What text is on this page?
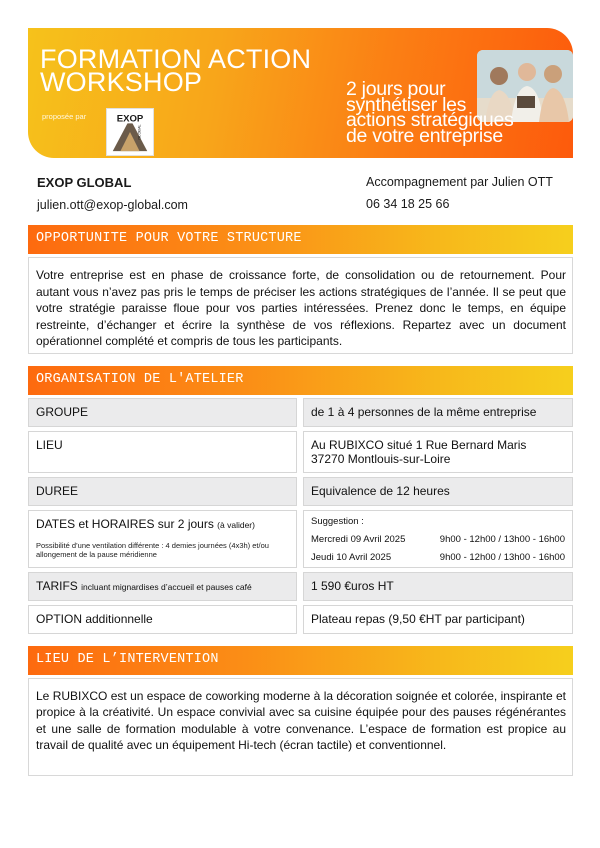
FORMATION ACTION
WORKSHOP
proposée par	EXOP
GLOBAL
2 jours pour
synthétiser les
actions stratégiques
de votre entreprise
EXOP GLOBAL
julien.ott@exop-global.com
Accompagnement par Julien OTT
06 34 18 25 66
OPPORTUNITE POUR VOTRE STRUCTURE
Votre entreprise est en phase de croissance forte, de consolidation ou de retournement. Pour autant vous n’avez pas pris le temps de préciser les actions stratégiques de l’année. Il se peut que votre stratégie paraisse floue pour vos parties intéressées. Prenez donc le temps, en équipe restreinte, d’échanger et écrire la synthèse de vos réflexions. Repartez avec un document opérationnel complété et compris de tous les participants.
ORGANISATION DE L'ATELIER
GROUPE	de 1 à 4 personnes de la même entreprise
LIEU	Au RUBIXCO situé 1 Rue Bernard Maris
37270 Montlouis-sur-Loire
DUREE	Equivalence de 12 heures
DATES et HORAIRES sur 2 jours (à valider)
Possibilité d’une ventilation différente : 4 demies journées (4x3h) et/ou allongement de la pause méridienne
Suggestion :
Mercredi 09 Avril 2025	9h00 - 12h00 / 13h00 - 16h00
Jeudi 10 Avril 2025	9h00 - 12h00 / 13h00 - 16h00
TARIFS incluant mignardises d’accueil et pauses café	1 590 €uros HT
OPTION additionnelle	Plateau repas (9,50 €HT par participant)
LIEU DE L’INTERVENTION
Le RUBIXCO est un espace de coworking moderne à la décoration soignée et colorée, inspirante et propice à la créativité. Un espace convivial avec sa cuisine équipée pour des pauses régénérantes et une salle de formation modulable à votre convenance. L’espace de formation est propice au travail de qualité avec un équipement Hi-tech (écran tactile) et conventionnel.
